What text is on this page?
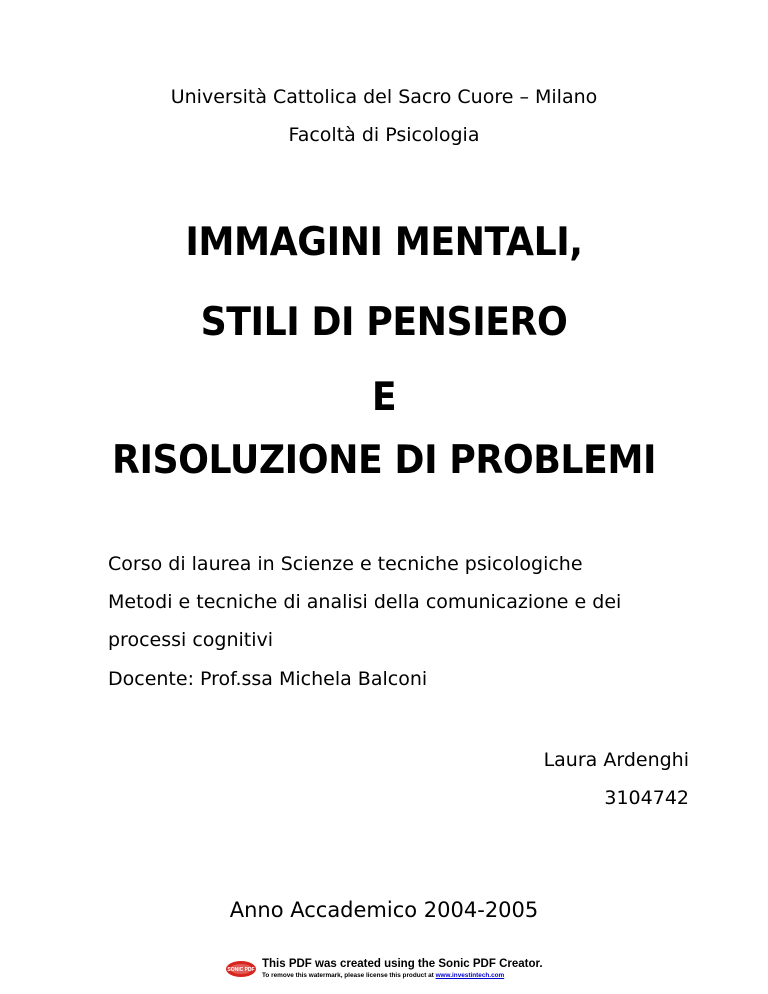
Università Cattolica del Sacro Cuore – Milano
Facoltà di Psicologia
IMMAGINI MENTALI,
STILI DI PENSIERO
E
RISOLUZIONE DI PROBLEMI
Corso di laurea in Scienze e tecniche psicologiche
Metodi e tecniche di analisi della comunicazione e dei
processi cognitivi
Docente: Prof.ssa Michela Balconi
Laura Ardenghi
3104742
Anno Accademico 2004-2005
SONIC PDF This PDF was created using the Sonic PDF Creator.
To remove this watermark, please license this product at www.investintech.com
